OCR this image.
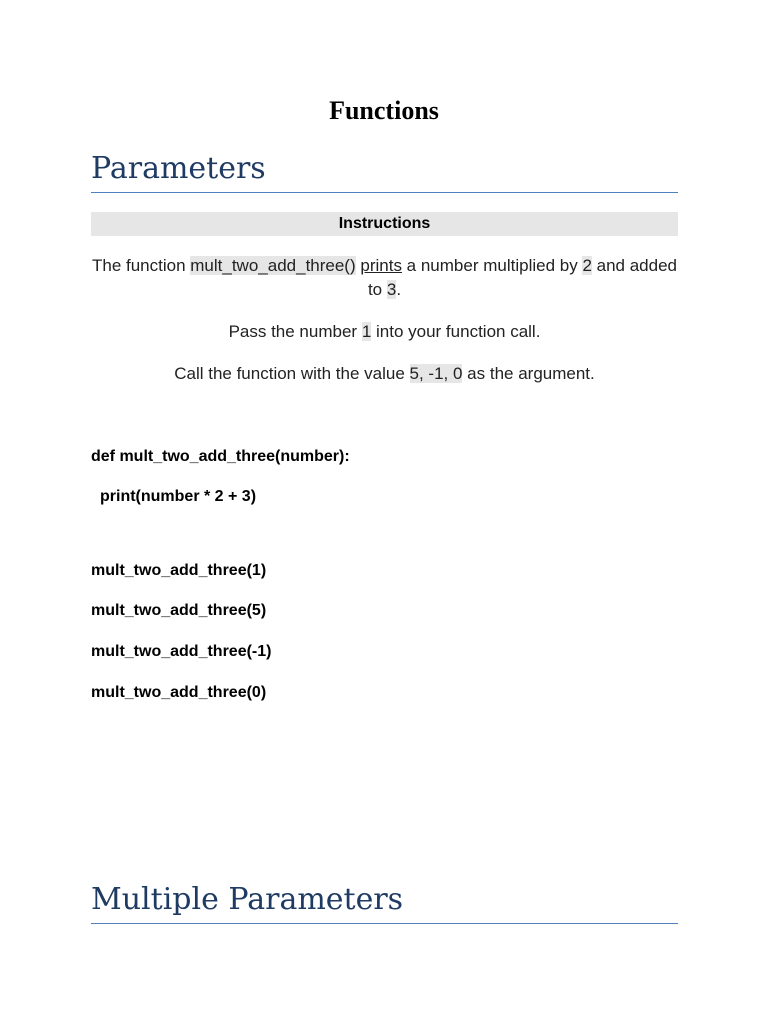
Functions
Parameters
Instructions
The function mult_two_add_three() prints a number multiplied by 2 and added to 3.
Pass the number 1 into your function call.
Call the function with the value 5, -1, 0 as the argument.
def mult_two_add_three(number):
print(number * 2 + 3)
mult_two_add_three(1)
mult_two_add_three(5)
mult_two_add_three(-1)
mult_two_add_three(0)
Multiple Parameters
